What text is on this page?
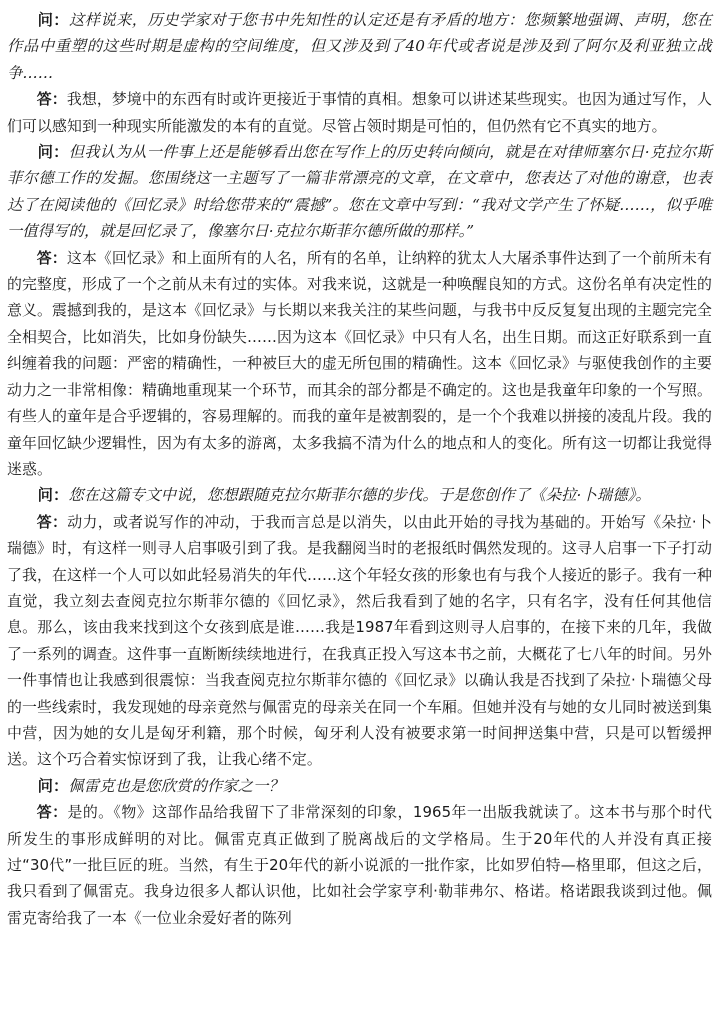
问：这样说来，历史学家对于您书中先知性的认定还是有矛盾的地方：您频繁地强调、声明，您在作品中重塑的这些时期是虚构的空间维度，但又涉及到了40年代或者说是涉及到了阿尔及利亚独立战争……

答：我想，梦境中的东西有时或许更接近于事情的真相。想象可以讲述某些现实。也因为通过写作，人们可以感知到一种现实所能激发的本有的直觉。尽管占领时期是可怕的，但仍然有它不真实的地方。

问：但我认为从一件事上还是能够看出您在写作上的历史转向倾向，就是在对律师塞尔日·克拉尔斯菲尔德工作的发掘。您围绕这一主题写了一篇非常漂亮的文章，在文章中，您表达了对他的谢意，也表达了在阅读他的《回忆录》时给您带来的“震撼”。您在文章中写到：“我对文学产生了怀疑……，似乎唯一值得写的，就是回忆录了，像塞尔日·克拉尔斯菲尔德所做的那样。”

答：这本《回忆录》和上面所有的人名，所有的名单，让纳粹的犹太人大屠杀事件达到了一个前所未有的完整度，形成了一个之前从未有过的实体。对我来说，这就是一种唤醒良知的方式。这份名单有决定性的意义。震撼到我的，是这本《回忆录》与长期以来我关注的某些问题，与我书中反反复复出现的主题完完全全相契合，比如消失，比如身份缺失……因为这本《回忆录》中只有人名，出生日期。而这正好联系到一直纠缠着我的问题：严密的精确性，一种被巨大的虚无所包围的精确性。这本《回忆录》与驱使我创作的主要动力之一非常相像：精确地重现某一个环节，而其余的部分都是不确定的。这也是我童年印象的一个写照。有些人的童年是合乎逻辑的，容易理解的。而我的童年是被割裂的，是一个个我难以拼接的凌乱片段。我的童年回忆缺少逻辑性，因为有太多的游离，太多我搞不清为什么的地点和人的变化。所有这一切都让我觉得迷惑。

问：您在这篇专文中说，您想跟随克拉尔斯菲尔德的步伐。于是您创作了《朵拉·卜瑞德》。

答：动力，或者说写作的冲动，于我而言总是以消失，以由此开始的寻找为基础的。开始写《朵拉·卜瑞德》时，有这样一则寻人启事吸引到了我。是我翻阅当时的老报纸时偶然发现的。这寻人启事一下子打动了我，在这样一个人可以如此轻易消失的年代……这个年轻女孩的形象也有与我个人接近的影子。我有一种直觉，我立刻去查阅克拉尔斯菲尔德的《回忆录》，然后我看到了她的名字，只有名字，没有任何其他信息。那么，该由我来找到这个女孩到底是谁……我是1987年看到这则寻人启事的，在接下来的几年，我做了一系列的调查。这件事一直断断续续地进行，在我真正投入写这本书之前，大概花了七八年的时间。另外一件事情也让我感到很震惊：当我查阅克拉尔斯菲尔德的《回忆录》以确认我是否找到了朵拉·卜瑞德父母的一些线索时，我发现她的母亲竟然与佩雷克的母亲关在同一个车厢。但她并没有与她的女儿同时被送到集中营，因为她的女儿是匈牙利籍，那个时候，匈牙利人没有被要求第一时间押送集中营，只是可以暂缓押送。这个巧合着实惊讶到了我，让我心绪不定。

问：佩雷克也是您欣赏的作家之一？

答：是的。《物》这部作品给我留下了非常深刻的印象，1965年一出版我就读了。这本书与那个时代所发生的事形成鲜明的对比。佩雷克真正做到了脱离战后的文学格局。生于20年代的人并没有真正接过“30代”一批巨匠的班。当然，有生于20年代的新小说派的一批作家，比如罗伯特—格里耶，但这之后，我只看到了佩雷克。我身边很多人都认识他，比如社会学家亨利·勒菲弗尔、格诺。格诺跟我谈到过他。佩雷克寄给我了一本《一位业余爱好者的陈列
